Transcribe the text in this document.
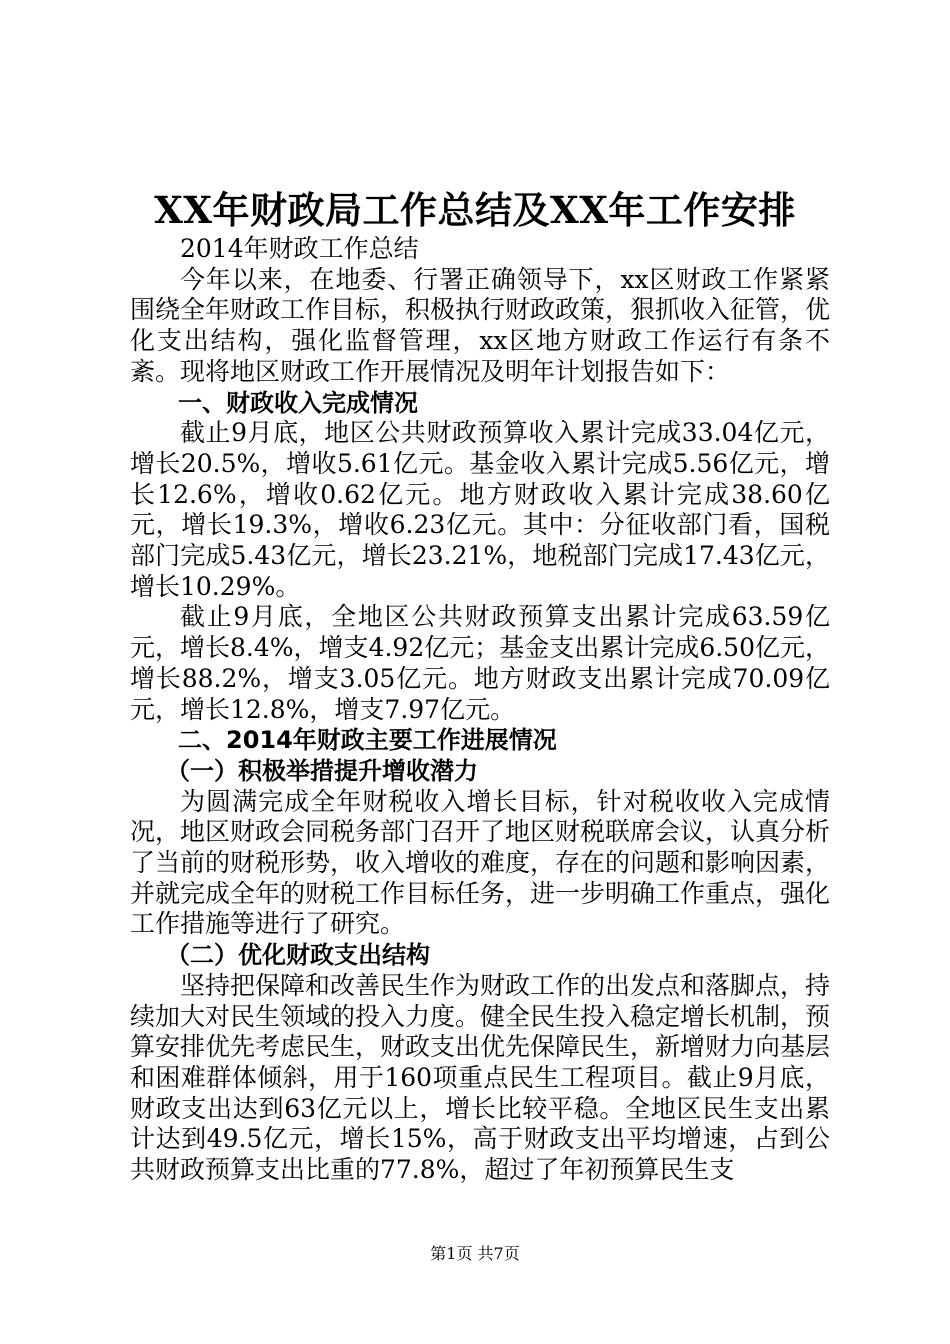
XX年财政局工作总结及XX年工作安排

2014年财政工作总结

今年以来，在地委、行署正确领导下，xx区财政工作紧紧围绕全年财政工作目标，积极执行财政政策，狠抓收入征管，优化支出结构，强化监督管理，xx区地方财政工作运行有条不紊。现将地区财政工作开展情况及明年计划报告如下：

一、财政收入完成情况

截止9月底，地区公共财政预算收入累计完成33.04亿元，增长20.5%，增收5.61亿元。基金收入累计完成5.56亿元，增长12.6%，增收0.62亿元。地方财政收入累计完成38.60亿元，增长19.3%，增收6.23亿元。其中：分征收部门看，国税部门完成5.43亿元，增长23.21%，地税部门完成17.43亿元，增长10.29%。

截止9月底，全地区公共财政预算支出累计完成63.59亿元，增长8.4%，增支4.92亿元；基金支出累计完成6.50亿元，增长88.2%，增支3.05亿元。地方财政支出累计完成70.09亿元，增长12.8%，增支7.97亿元。

二、2014年财政主要工作进展情况

（一）积极举措提升增收潜力

为圆满完成全年财税收入增长目标，针对税收收入完成情况，地区财政会同税务部门召开了地区财税联席会议，认真分析了当前的财税形势，收入增收的难度，存在的问题和影响因素，并就完成全年的财税工作目标任务，进一步明确工作重点，强化工作措施等进行了研究。

（二）优化财政支出结构

坚持把保障和改善民生作为财政工作的出发点和落脚点，持续加大对民生领域的投入力度。健全民生投入稳定增长机制，预算安排优先考虑民生，财政支出优先保障民生，新增财力向基层和困难群体倾斜，用于160项重点民生工程项目。截止9月底，财政支出达到63亿元以上，增长比较平稳。全地区民生支出累计达到49.5亿元，增长15%，高于财政支出平均增速，占到公共财政预算支出比重的77.8%，超过了年初预算民生支

第1页 共7页
